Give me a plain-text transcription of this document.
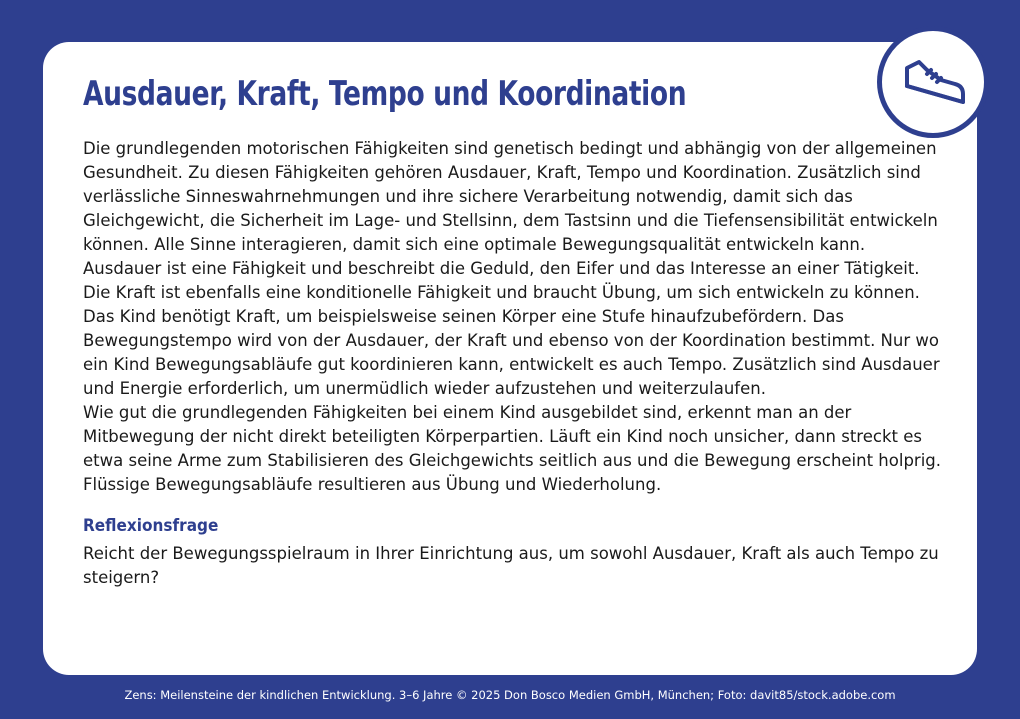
Ausdauer, Kraft, Tempo und Koordination

Die grundlegenden motorischen Fähigkeiten sind genetisch bedingt und abhängig von der allgemeinen Gesundheit. Zu diesen Fähigkeiten gehören Ausdauer, Kraft, Tempo und Koordination. Zusätzlich sind verlässliche Sinneswahrnehmungen und ihre sichere Verarbeitung notwendig, damit sich das Gleichgewicht, die Sicherheit im Lage- und Stellsinn, dem Tastsinn und die Tiefensensibilität entwickeln können. Alle Sinne interagieren, damit sich eine optimale Bewegungsqualität entwickeln kann.

Ausdauer ist eine Fähigkeit und beschreibt die Geduld, den Eifer und das Interesse an einer Tätigkeit. Die Kraft ist ebenfalls eine konditionelle Fähigkeit und braucht Übung, um sich entwickeln zu können. Das Kind benötigt Kraft, um beispielsweise seinen Körper eine Stufe hinaufzubefördern. Das Bewegungstempo wird von der Ausdauer, der Kraft und ebenso von der Koordination bestimmt. Nur wo ein Kind Bewegungsabläufe gut koordinieren kann, entwickelt es auch Tempo. Zusätzlich sind Ausdauer und Energie erforderlich, um unermüdlich wieder aufzustehen und weiterzulaufen.

Wie gut die grundlegenden Fähigkeiten bei einem Kind ausgebildet sind, erkennt man an der Mitbewegung der nicht direkt beteiligten Körperpartien. Läuft ein Kind noch unsicher, dann streckt es etwa seine Arme zum Stabilisieren des Gleichgewichts seitlich aus und die Bewegung erscheint holprig. Flüssige Bewegungsabläufe resultieren aus Übung und Wiederholung.

Reflexionsfrage

Reicht der Bewegungsspielraum in Ihrer Einrichtung aus, um sowohl Ausdauer, Kraft als auch Tempo zu steigern?

Zens: Meilensteine der kindlichen Entwicklung. 3–6 Jahre © 2025 Don Bosco Medien GmbH, München; Foto: davit85/stock.adobe.com
